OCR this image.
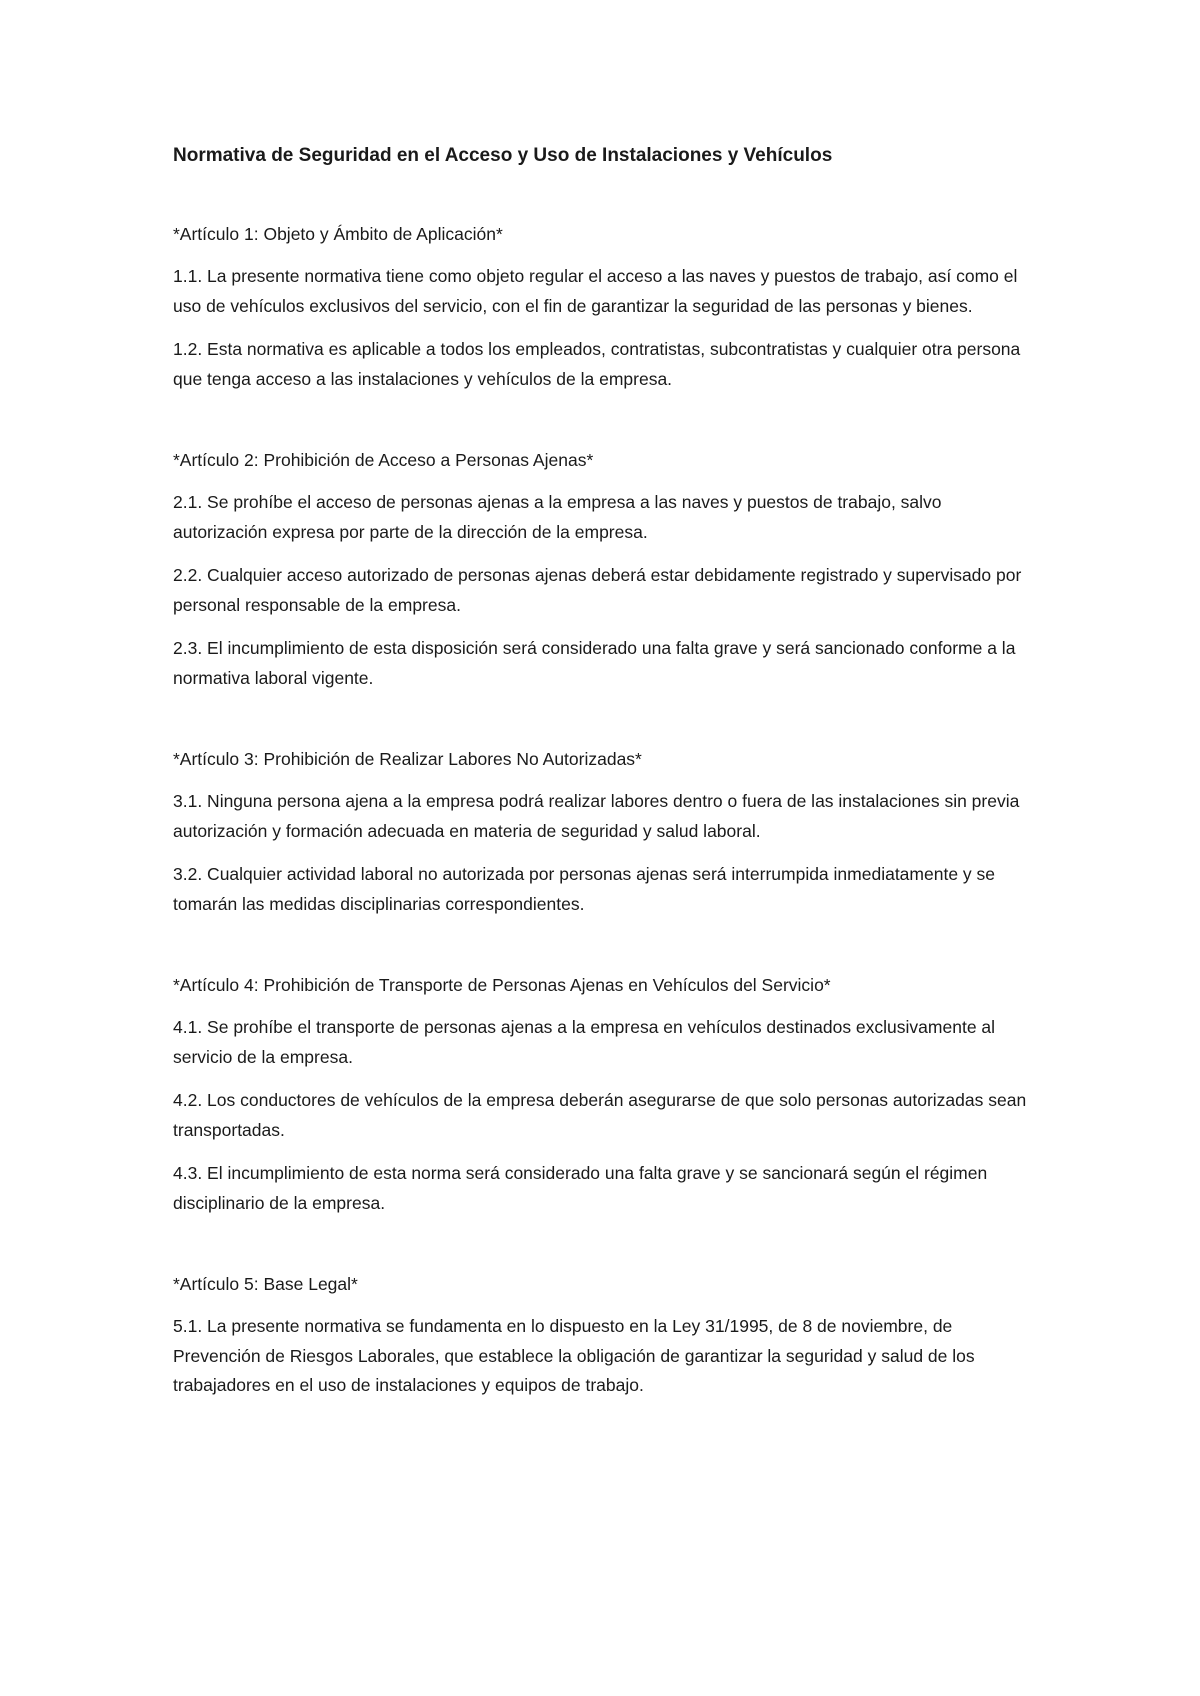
Normativa de Seguridad en el Acceso y Uso de Instalaciones y Vehículos

*Artículo 1: Objeto y Ámbito de Aplicación*

1.1. La presente normativa tiene como objeto regular el acceso a las naves y puestos de trabajo, así como el uso de vehículos exclusivos del servicio, con el fin de garantizar la seguridad de las personas y bienes.

1.2. Esta normativa es aplicable a todos los empleados, contratistas, subcontratistas y cualquier otra persona que tenga acceso a las instalaciones y vehículos de la empresa.

*Artículo 2: Prohibición de Acceso a Personas Ajenas*

2.1. Se prohíbe el acceso de personas ajenas a la empresa a las naves y puestos de trabajo, salvo autorización expresa por parte de la dirección de la empresa.

2.2. Cualquier acceso autorizado de personas ajenas deberá estar debidamente registrado y supervisado por personal responsable de la empresa.

2.3. El incumplimiento de esta disposición será considerado una falta grave y será sancionado conforme a la normativa laboral vigente.

*Artículo 3: Prohibición de Realizar Labores No Autorizadas*

3.1. Ninguna persona ajena a la empresa podrá realizar labores dentro o fuera de las instalaciones sin previa autorización y formación adecuada en materia de seguridad y salud laboral.

3.2. Cualquier actividad laboral no autorizada por personas ajenas será interrumpida inmediatamente y se tomarán las medidas disciplinarias correspondientes.

*Artículo 4: Prohibición de Transporte de Personas Ajenas en Vehículos del Servicio*

4.1. Se prohíbe el transporte de personas ajenas a la empresa en vehículos destinados exclusivamente al servicio de la empresa.

4.2. Los conductores de vehículos de la empresa deberán asegurarse de que solo personas autorizadas sean transportadas.

4.3. El incumplimiento de esta norma será considerado una falta grave y se sancionará según el régimen disciplinario de la empresa.

*Artículo 5: Base Legal*

5.1. La presente normativa se fundamenta en lo dispuesto en la Ley 31/1995, de 8 de noviembre, de Prevención de Riesgos Laborales, que establece la obligación de garantizar la seguridad y salud de los trabajadores en el uso de instalaciones y equipos de trabajo.
